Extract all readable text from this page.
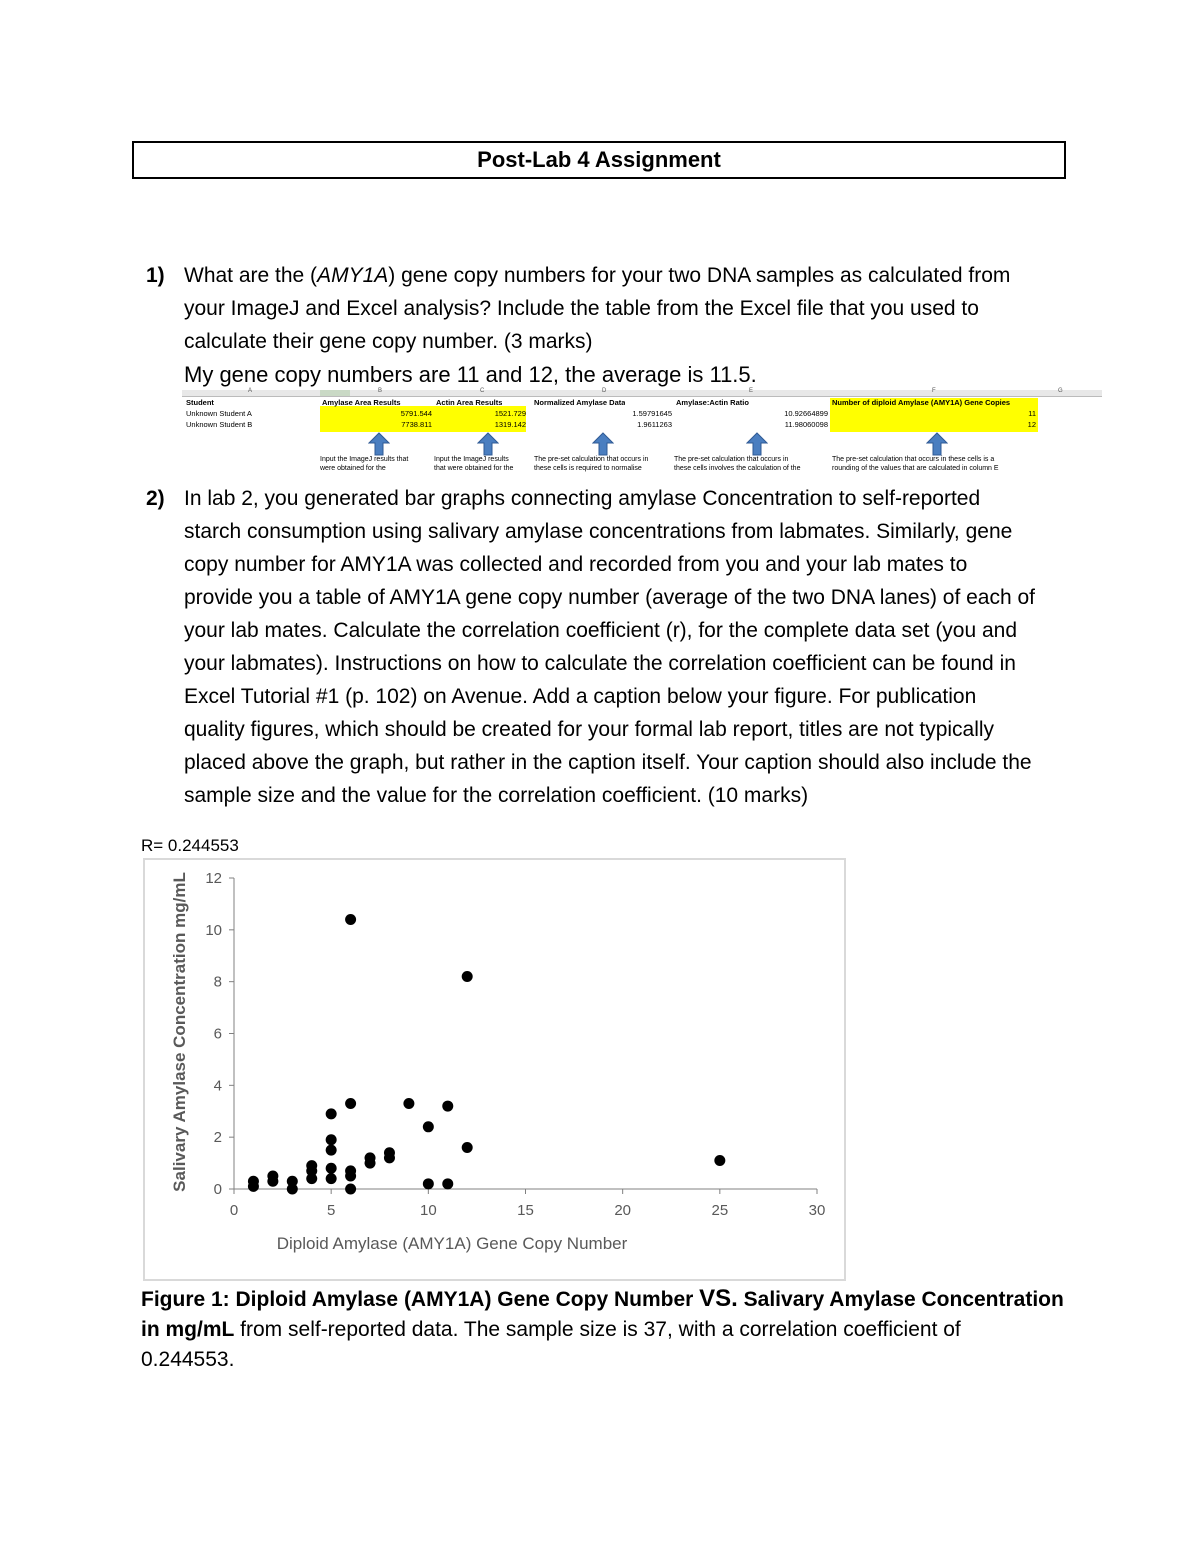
Post-Lab 4 Assignment
1) What are the (AMY1A) gene copy numbers for your two DNA samples as calculated from
your ImageJ and Excel analysis? Include the table from the Excel file that you used to
calculate their gene copy number. (3 marks)
My gene copy numbers are 11 and 12, the average is 11.5.
A	B	C	D	E	F	G
Student	Amylase Area Results	Actin Area Results	Normalized Amylase Data	Amylase:Actin Ratio	Number of diploid Amylase (AMY1A) Gene Copies
Unknown Student A	5791.544	1521.729	1.59791645	10.92664899	11
Unknown Student B	7738.811	1319.142	1.9611263	11.98060098	12
Input the ImageJ results that
were obtained for the
Input the ImageJ results
that were obtained for the
The pre-set calculation that occurs in
these cells is required to normalise
The pre-set calculation that occurs in
these cells involves the calculation of the
The pre-set calculation that occurs in these cells is a
rounding of the values that are calculated in column E
2) In lab 2, you generated bar graphs connecting amylase Concentration to self-reported
starch consumption using salivary amylase concentrations from labmates. Similarly, gene
copy number for AMY1A was collected and recorded from you and your lab mates to
provide you a table of AMY1A gene copy number (average of the two DNA lanes) of each of
your lab mates. Calculate the correlation coefficient (r), for the complete data set (you and
your labmates). Instructions on how to calculate the correlation coefficient can be found in
Excel Tutorial #1 (p. 102) on Avenue. Add a caption below your figure. For publication
quality figures, which should be created for your formal lab report, titles are not typically
placed above the graph, but rather in the caption itself. Your caption should also include the
sample size and the value for the correlation coefficient. (10 marks)
R= 0.244553
0	5	10	15	20	25	30
0
2
4
6
8
10
12
Diploid Amylase (AMY1A) Gene Copy Number
Salivary Amylase Concentration mg/mL
Figure 1: Diploid Amylase (AMY1A) Gene Copy Number VS. Salivary Amylase Concentration
in mg/mL from self-reported data. The sample size is 37, with a correlation coefficient of
0.244553.
